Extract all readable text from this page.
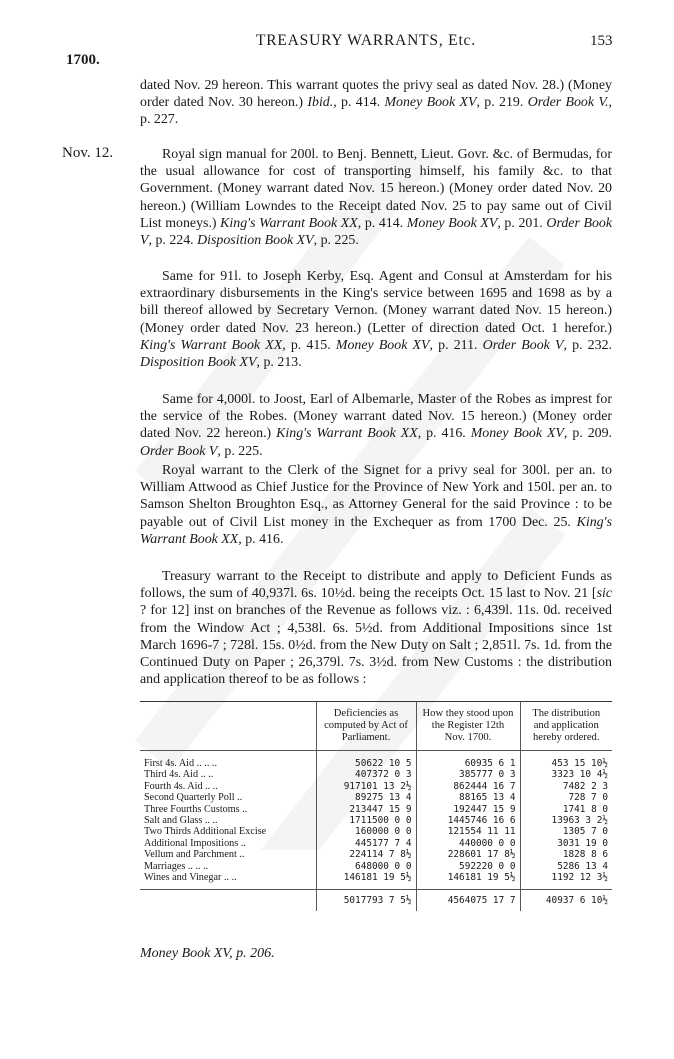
1700.
TREASURY WARRANTS, Etc.	153

dated Nov. 29 hereon. This warrant quotes the privy seal as dated Nov. 28.) (Money order dated Nov. 30 hereon.) Ibid., p. 414. Money Book XV, p. 219. Order Book V., p. 227.

Nov. 12.	Royal sign manual for 200l. to Benj. Bennett, Lieut. Govr. &c. of Bermudas, for the usual allowance for cost of transporting himself, his family &c. to that Government. (Money warrant dated Nov. 15 hereon.) (Money order dated Nov. 20 hereon.) (William Lowndes to the Receipt dated Nov. 25 to pay same out of Civil List moneys.) King's Warrant Book XX, p. 414. Money Book XV, p. 201. Order Book V, p. 224. Disposition Book XV, p. 225.

Same for 91l. to Joseph Kerby, Esq. Agent and Consul at Amsterdam for his extraordinary disbursements in the King's service between 1695 and 1698 as by a bill thereof allowed by Secretary Vernon. (Money warrant dated Nov. 15 hereon.) (Money order dated Nov. 23 hereon.) (Letter of direction dated Oct. 1 herefor.) King's Warrant Book XX, p. 415. Money Book XV, p. 211. Order Book V, p. 232. Disposition Book XV, p. 213.

Same for 4,000l. to Joost, Earl of Albemarle, Master of the Robes as imprest for the service of the Robes. (Money warrant dated Nov. 15 hereon.) (Money order dated Nov. 22 hereon.) King's Warrant Book XX, p. 416. Money Book XV, p. 209. Order Book V, p. 225.

Royal warrant to the Clerk of the Signet for a privy seal for 300l. per an. to William Attwood as Chief Justice for the Province of New York and 150l. per an. to Samson Shelton Broughton Esq., as Attorney General for the said Province : to be payable out of Civil List money in the Exchequer as from 1700 Dec. 25. King's Warrant Book XX, p. 416.

Treasury warrant to the Receipt to distribute and apply to Deficient Funds as follows, the sum of 40,937l. 6s. 10½d. being the receipts Oct. 15 last to Nov. 21 [sic ? for 12] inst on branches of the Revenue as follows viz. : 6,439l. 11s. 0d. received from the Window Act ; 4,538l. 6s. 5½d. from Additional Impositions since 1st March 1696-7 ; 728l. 15s. 0½d. from the New Duty on Salt ; 2,851l. 7s. 1d. from the Continued Duty on Paper ; 26,379l. 7s. 3½d. from New Customs : the distribution and application thereof to be as follows :

	Deficiencies as computed by Act of Parliament.	How they stood upon the Register 12th Nov. 1700.	The distribution and application hereby ordered.
First 4s. Aid .. .. ..	50622 10 5	60935 6 1	453 15 10½
Third 4s. Aid .. ..	407372 0 3	385777 0 3	3323 10 4½
Fourth 4s. Aid .. ..	917101 13 2½	862444 16 7	7482 2 3
Second Quarterly Poll ..	89275 13 4	88165 13 4	728 7 0
Three Fourths Customs ..	213447 15 9	192447 15 9	1741 8 0
Salt and Glass .. ..	1711500 0 0	1445746 16 6	13963 3 2½
Two Thirds Additional Excise	160000 0 0	121554 11 11	1305 7 0
Additional Impositions ..	445177 7 4	440000 0 0	3031 19 0
Vellum and Parchment ..	224114 7 8½	228601 17 8½	1828 8 6
Marriages .. .. ..	648000 0 0	592220 0 0	5286 13 4
Wines and Vinegar .. ..	146181 19 5½	146181 19 5½	1192 12 3½
	5017793 7 5½	4564075 17 7	40937 6 10½
Money Book XV, p. 206.
